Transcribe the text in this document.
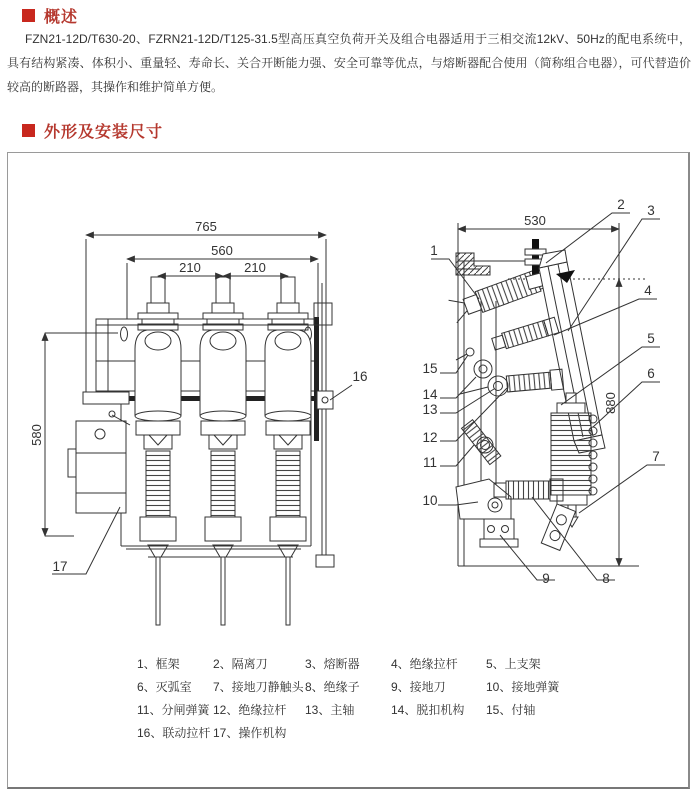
概述
FZN21-12D/T630-20、FZRN21-12D/T125-31.5型高压真空负荷开关及组合电器适用于三相交流12kV、50Hz的配电系统中，具有结构紧凑、体积小、重量轻、寿命长、关合开断能力强、安全可靠等优点，与熔断器配合使用（简称组合电器），可代替造价较高的断路器，其操作和维护简单方便。
外形及安装尺寸
765
560
210	210
580
16
17
530
880
1
2 3
4
5
6
7
8
9
10
11
12
13
14
15
1、框架	2、隔离刀	3、熔断器	4、绝缘拉杆	5、上支架
6、灭弧室	7、接地刀静触头 8、绝缘子	9、接地刀	10、接地弹簧
11、分闸弹簧 12、绝缘拉杆	13、主轴	14、脱扣机构	15、付轴
16、联动拉杆 17、操作机构
